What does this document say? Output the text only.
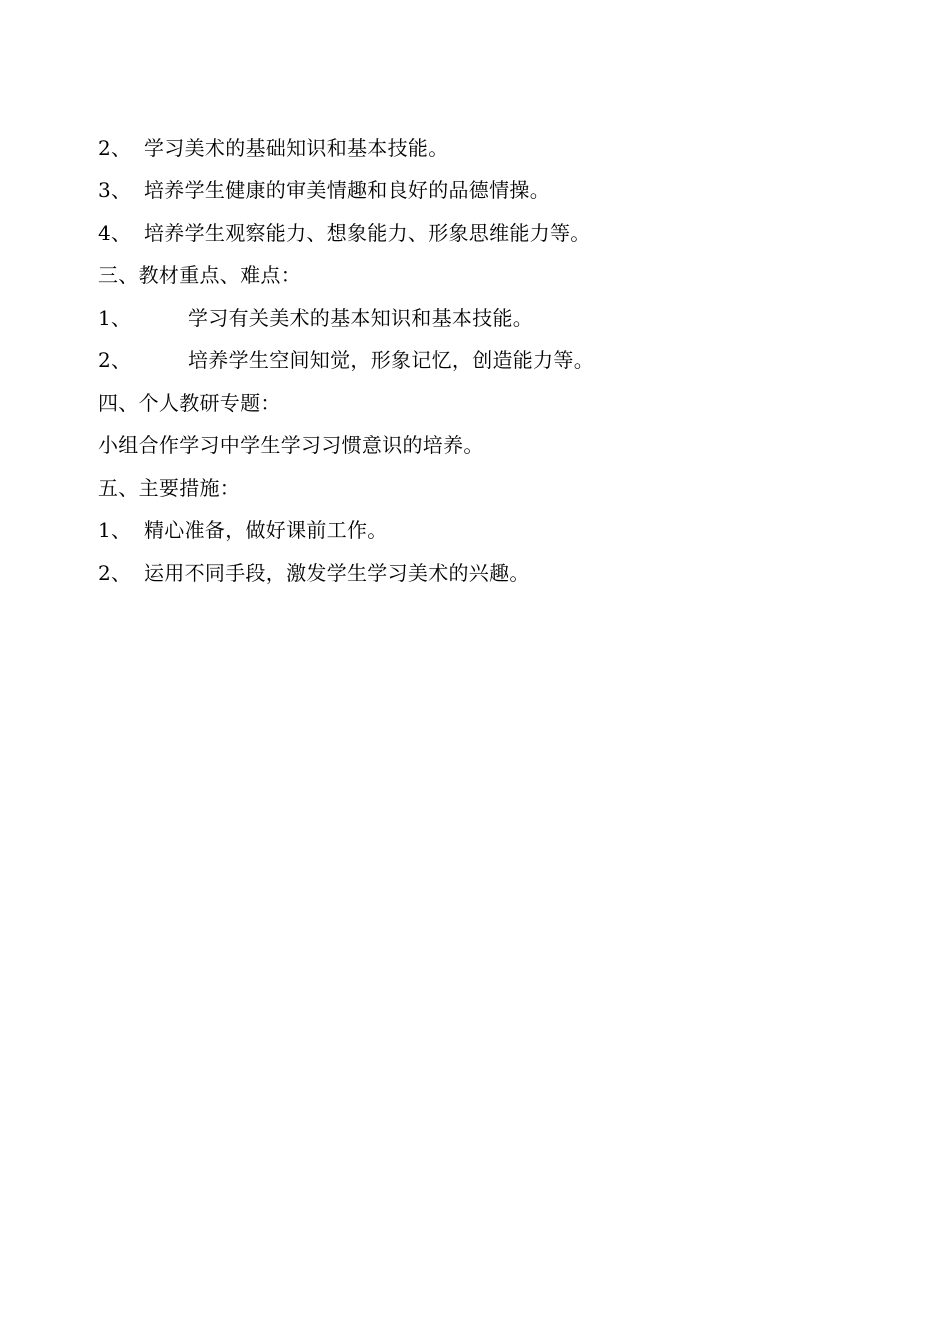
2、 学习美术的基础知识和基本技能。
3、 培养学生健康的审美情趣和良好的品德情操。
4、 培养学生观察能力、想象能力、形象思维能力等。
三、教材重点、难点：
1、	学习有关美术的基本知识和基本技能。
2、	培养学生空间知觉，形象记忆，创造能力等。
四、个人教研专题：
小组合作学习中学生学习习惯意识的培养。
五、主要措施：
1、 精心准备，做好课前工作。
2、 运用不同手段，激发学生学习美术的兴趣。
